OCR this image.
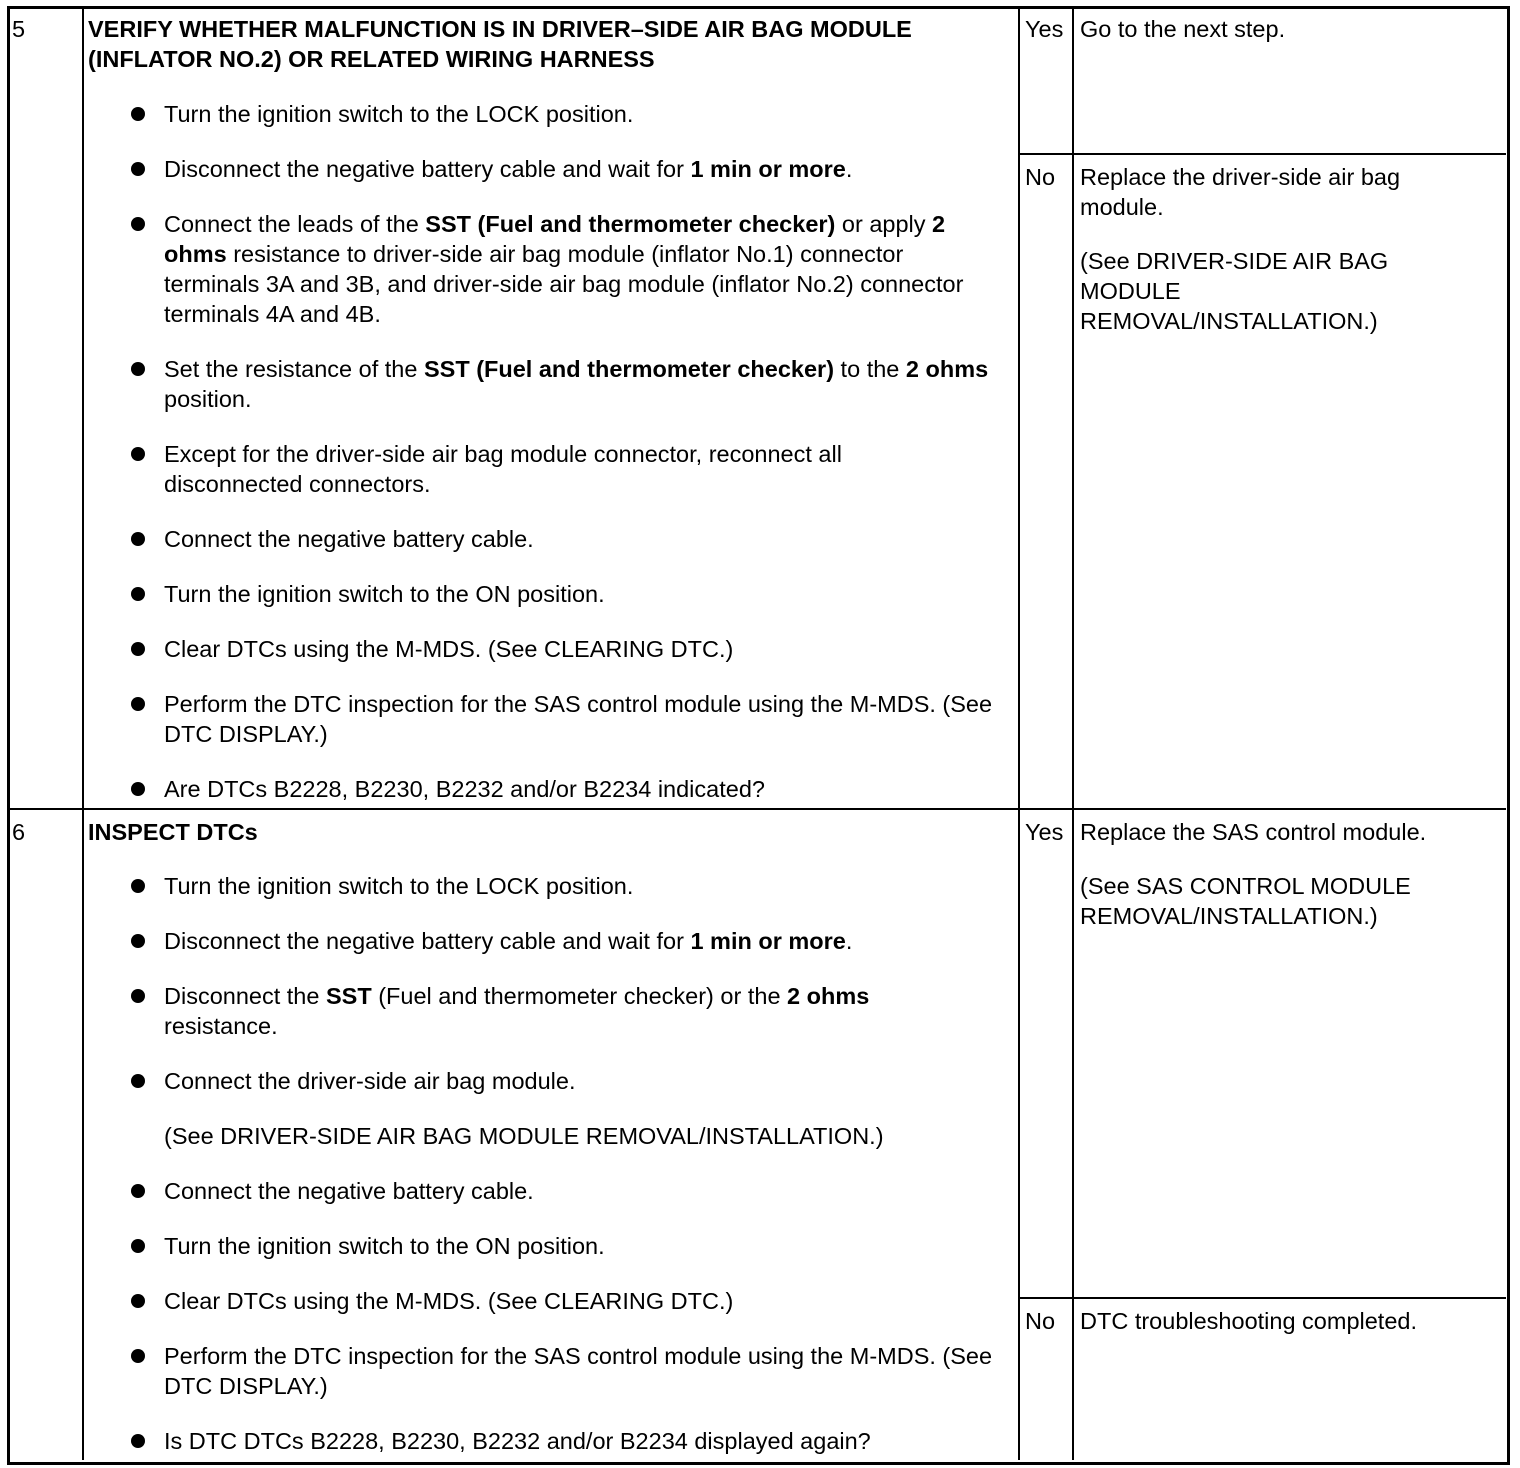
5	VERIFY WHETHER MALFUNCTION IS IN DRIVER–SIDE AIR BAG MODULE
(INFLATOR NO.2) OR RELATED WIRING HARNESS
Turn the ignition switch to the LOCK position.
Disconnect the negative battery cable and wait for 1 min or more.
Connect the leads of the SST (Fuel and thermometer checker) or apply 2 ohms resistance to driver-side air bag module (inflator No.1) connector terminals 3A and 3B, and driver-side air bag module (inflator No.2) connector terminals 4A and 4B.
Set the resistance of the SST (Fuel and thermometer checker) to the 2 ohms position.
Except for the driver-side air bag module connector, reconnect all disconnected connectors.
Connect the negative battery cable.
Turn the ignition switch to the ON position.
Clear DTCs using the M-MDS. (See CLEARING DTC.)
Perform the DTC inspection for the SAS control module using the M-MDS. (See DTC DISPLAY.)
Are DTCs B2228, B2230, B2232 and/or B2234 indicated?
Yes Go to the next step.

No Replace the driver-side air bag module.

(See DRIVER-SIDE AIR BAG MODULE REMOVAL/INSTALLATION.)

6	INSPECT DTCs
Turn the ignition switch to the LOCK position.
Disconnect the negative battery cable and wait for 1 min or more.
Disconnect the SST (Fuel and thermometer checker) or the 2 ohms resistance.
Connect the driver-side air bag module.
(See DRIVER-SIDE AIR BAG MODULE REMOVAL/INSTALLATION.)
Connect the negative battery cable.
Turn the ignition switch to the ON position.
Clear DTCs using the M-MDS. (See CLEARING DTC.)
Perform the DTC inspection for the SAS control module using the M-MDS. (See DTC DISPLAY.)
Is DTC DTCs B2228, B2230, B2232 and/or B2234 displayed again?
Yes Replace the SAS control module.

(See SAS CONTROL MODULE REMOVAL/INSTALLATION.)

No DTC troubleshooting completed.
